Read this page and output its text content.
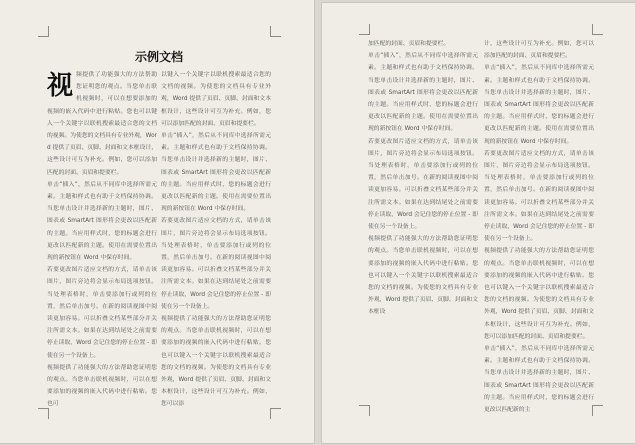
示例文档
视 频提供了功能强大的方法帮助您证明您的观点。当您单击联机视频时，可以在想要添加的视频的嵌入代码中进行粘贴。您也可以键入一个关键字以联机搜索最适合您的文档的视频。为使您的文档具有专业外观，Word 提供了页眉、页脚、封面和文本框设计，这些设计可互为补充。例如，您可以添加匹配的封面、页眉和提要栏。

单击“插入”，然后从不同库中选择所需元素。主题和样式也有助于文档保持协调。当您单击设计并选择新的主题时，图片、图表或 SmartArt 图形将会更改以匹配新的主题。当应用样式时，您的标题会进行更改以匹配新的主题。使用在需要位置出现的新按钮在 Word 中保存时间。

若要更改图片适应文档的方式，请单击该图片，图片旁边将会显示布局选项按钮。当处理表格时，单击要添加行或列的位置，然后单击加号。在新的阅读视图中阅读更加容易。可以折叠文档某些部分并关注所需文本。如果在达到结尾处之前需要停止读取，Word 会记住您的停止位置 - 即使在另一个设备上。

视频提供了功能强大的方法帮助您证明您的观点。当您单击联机视频时，可以在想要添加的视频的嵌入代码中进行粘贴。您也可

以键入一个关键字以联机搜索最适合您的文档的视频。为使您的文档具有专业外观，Word 提供了页眉、页脚、封面和文本框设计，这些设计可互为补充。例如，您可以添加匹配的封面、页眉和提要栏。

单击“插入”，然后从不同库中选择所需元素。主题和样式也有助于文档保持协调。当您单击设计并选择新的主题时，图片、图表或 SmartArt 图形将会更改以匹配新的主题。当应用样式时，您的标题会进行更改以匹配新的主题。使用在需要位置出现的新按钮在 Word 中保存时间。

若要更改图片适应文档的方式，请单击该图片，图片旁边将会显示布局选项按钮。当处理表格时，单击要添加行或列的位置，然后单击加号。在新的阅读视图中阅读更加容易。可以折叠文档某些部分并关注所需文本。如果在达到结尾处之前需要停止读取，Word 会记住您的停止位置 - 即使在另一个设备上。

视频提供了功能强大的方法帮助您证明您的观点。当您单击联机视频时，可以在想要添加的视频的嵌入代码中进行粘贴。您也可以键入一个关键字以联机搜索最适合您的文档的视频。为使您的文档具有专业外观，Word 提供了页眉、页脚、封面和文本框设计，这些设计可互为补充。例如，您可以添

加匹配的封面、页眉和提要栏。

单击“插入”，然后从不同库中选择所需元素。主题和样式也有助于文档保持协调。当您单击设计并选择新的主题时，图片、图表或 SmartArt 图形将会更改以匹配新的主题。当应用样式时，您的标题会进行更改以匹配新的主题。使用在需要位置出现的新按钮在 Word 中保存时间。

若要更改图片适应文档的方式，请单击该图片，图片旁边将会显示布局选项按钮。当处理表格时，单击要添加行或列的位置，然后单击加号。在新的阅读视图中阅读更加容易。可以折叠文档某些部分并关注所需文本。如果在达到结尾处之前需要停止读取，Word 会记住您的停止位置 - 即使在另一个设备上。

视频提供了功能强大的方法帮助您证明您的观点。当您单击联机视频时，可以在想要添加的视频的嵌入代码中进行粘贴。您也可以键入一个关键字以联机搜索最适合您的文档的视频。为使您的文档具有专业外观，Word 提供了页眉、页脚、封面和文本框设

计，这些设计可互为补充。例如，您可以添加匹配的封面、页眉和提要栏。

单击“插入”，然后从不同库中选择所需元素。主题和样式也有助于文档保持协调。当您单击设计并选择新的主题时，图片、图表或 SmartArt 图形将会更改以匹配新的主题。当应用样式时，您的标题会进行更改以匹配新的主题。使用在需要位置出现的新按钮在 Word 中保存时间。

若要更改图片适应文档的方式，请单击该图片，图片旁边将会显示布局选项按钮。当处理表格时，单击要添加行或列的位置，然后单击加号。在新的阅读视图中阅读更加容易。可以折叠文档某些部分并关注所需文本。如果在达到结尾处之前需要停止读取，Word 会记住您的停止位置 - 即使在另一个设备上。

视频提供了功能强大的方法帮助您证明您的观点。当您单击联机视频时，可以在想要添加的视频的嵌入代码中进行粘贴。您也可以键入一个关键字以联机搜索最适合您的文档的视频。为使您的文档具有专业外观，Word 提供了页眉、页脚、封面和文本框设计，这些设计可互为补充。例如，您可以添加匹配的封面、页眉和提要栏。

单击“插入”，然后从不同库中选择所需元素。主题和样式也有助于文档保持协调。当您单击设计并选择新的主题时，图片、图表或 SmartArt 图形将会更改以匹配新的主题。当应用样式时，您的标题会进行更改以匹配新的主
